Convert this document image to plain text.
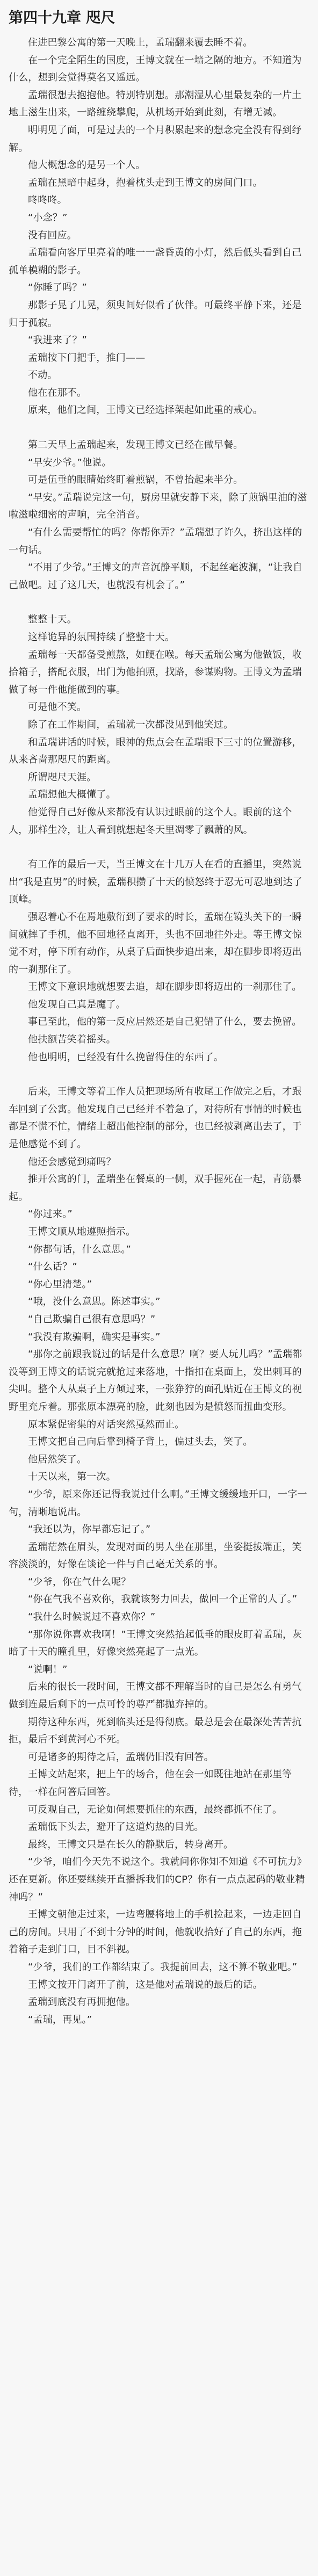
第四十九章 咫尺

住进巴黎公寓的第一天晚上，孟瑞翻来覆去睡不着。

在一个完全陌生的国度，王博文就在一墙之隔的地方。不知道为什么，想到会觉得莫名又遥远。

孟瑞很想去抱抱他。特别特别想。那潮湿从心里最复杂的一片土地上滋生出来，一路缠绕攀爬，从机场开始到此刻，有增无减。

明明见了面，可是过去的一个月积累起来的想念完全没有得到纾解。

他大概想念的是另一个人。

孟瑞在黑暗中起身，抱着枕头走到王博文的房间门口。

咚咚咚。

“小念？”

没有回应。

孟瑞看向客厅里亮着的唯一一盏昏黄的小灯，然后低头看到自己孤单模糊的影子。

“你睡了吗？”

那影子晃了几晃，须臾间好似看了伙伴。可最终平静下来，还是归于孤寂。

“我进来了？”

孟瑞按下门把手，推门——

不动。

他在在那不。

原来，他们之间，王博文已经选择架起如此重的戒心。

第二天早上孟瑞起来，发现王博文已经在做早餐。

“早安少爷。”他说。

可是伍垂的眼睛始终盯着煎锅，不曾抬起来半分。

“早安。”孟瑞说完这一句，厨房里就安静下来，除了煎锅里油的滋啦滋啦细密的声响，完全消音。

“有什么需要帮忙的吗？你帮你弄？”孟瑞想了许久，挤出这样的一句话。

“不用了少爷。”王博文的声音沉静平顺，不起丝毫波澜，“让我自己做吧。过了这几天，也就没有机会了。”

整整十天。

这样诡异的氛围持续了整整十天。

孟瑞每一天都备受煎熬，如鲠在喉。每天孟瑞公寓为他做饭，收拾箱子，搭配衣服，出门为他拍照，找路，参谋购物。王博文为孟瑞做了每一件他能做到的事。

可是他不笑。

除了在工作期间，孟瑞就一次都没见到他笑过。

和孟瑞讲话的时候，眼神的焦点会在孟瑞眼下三寸的位置游移，从来吝啬那咫尺的距离。

所谓咫尺天涯。

孟瑞想他大概懂了。

他觉得自己好像从来都没有认识过眼前的这个人。眼前的这个人，那样生冷，让人看到就想起冬天里凋零了飘萧的风。

有工作的最后一天，当王博文在十几万人在看的直播里，突然说出“我是直男”的时候，孟瑞积攒了十天的愤怒终于忍无可忍地到达了顶峰。

强忍着心不在焉地敷衍到了要求的时长，孟瑞在镜头关下的一瞬间就摔了手机，他不回地径直离开，头也不回地往外走。等王博文惊觉不对，停下所有动作，从桌子后面快步追出来，却在脚步即将迈出的一刹那住了。

王博文下意识地就想要去追，却在脚步即将迈出的一刹那住了。

他发现自己真是魔了。

事已至此，他的第一反应居然还是自己犯错了什么，要去挽留。

他扶额苦笑着摇头。

他也明明，已经没有什么挽留得住的东西了。

后来，王博文等着工作人员把现场所有收尾工作做完之后，才跟车回到了公寓。他发现自己已经并不着急了，对待所有事情的时候也都是不慌不忙，情绪上超出他控制的部分，也已经被剥离出去了，于是他感觉不到了。

他还会感觉到痛吗？

推开公寓的门，孟瑞坐在餐桌的一侧，双手握死在一起，青筋暴起。

“你过来。”

王博文顺从地遵照指示。

“你都句话，什么意思。”

“什么话？”

“你心里清楚。”

“哦，没什么意思。陈述事实。”

“自己欺骗自己很有意思吗？”

“我没有欺骗啊，确实是事实。”

“那你之前跟我说过的话是什么意思？啊？要人玩儿吗？”孟瑞都没等到王博文的话说完就抢过来落地，十指扣在桌面上，发出刺耳的尖叫。整个人从桌子上方倾过来，一张狰狞的面孔贴近在王博文的视野里充斥着。那张原本漂亮的脸，此刻也因为是愤怒而扭曲变形。

原本紧促密集的对话突然戛然而止。

王博文把自己向后靠到椅子背上，偏过头去，笑了。

他居然笑了。

十天以来，第一次。

“少爷，原来你还记得我说过什么啊。”王博文缓缓地开口，一字一句，清晰地说出。

“我还以为，你早都忘记了。”

孟瑞茫然在眉头，发现对面的男人坐在那里，坐姿挺拔端正，笑容淡淡的，好像在谈论一件与自己毫无关系的事。

“少爷，你在气什么呢？

“你在气我不喜欢你，我就该努力回去，做回一个正常的人了。”

“我什么时候说过不喜欢你？”

“那你说你喜欢我啊！”王博文突然抬起低垂的眼皮盯着孟瑞，灰暗了十天的瞳孔里，好像突然亮起了一点光。

“说啊！”

后来的很长一段时间，王博文都不理解当时的自己是怎么有勇气做到连最后剩下的一点可怜的尊严都抛弃掉的。

期待这种东西，死到临头还是得彻底。最总是会在最深处苦苦抗拒，最后不到黄河心不死。

可是诸多的期待之后，孟瑞仍旧没有回答。

王博文站起来，把上午的场合，他在会一如既往地站在那里等待，一样在问答后回答。

可反观自己，无论如何想要抓住的东西，最终都抓不住了。

孟瑞低下头去，避开了这道灼热的目光。

最终，王博文只是在长久的静默后，转身离开。

“少爷，咱们今天先不说这个。我就问你你知不知道《不可抗力》还在更新。你还要继续开直播拆我们的CP？你有一点点起码的敬业精神吗？”

王博文朝他走过来，一边弯腰将地上的手机捡起来，一边走回自己的房间。只用了不到十分钟的时间，他就收拾好了自己的东西，拖着箱子走到门口，目不斜视。

“少爷，我们的工作都结束了。我提前回去，这不算不敬业吧。”

王博文按开门离开了前，这是他对孟瑞说的最后的话。

孟瑞到底没有再拥抱他。

“孟瑞，再见。”
